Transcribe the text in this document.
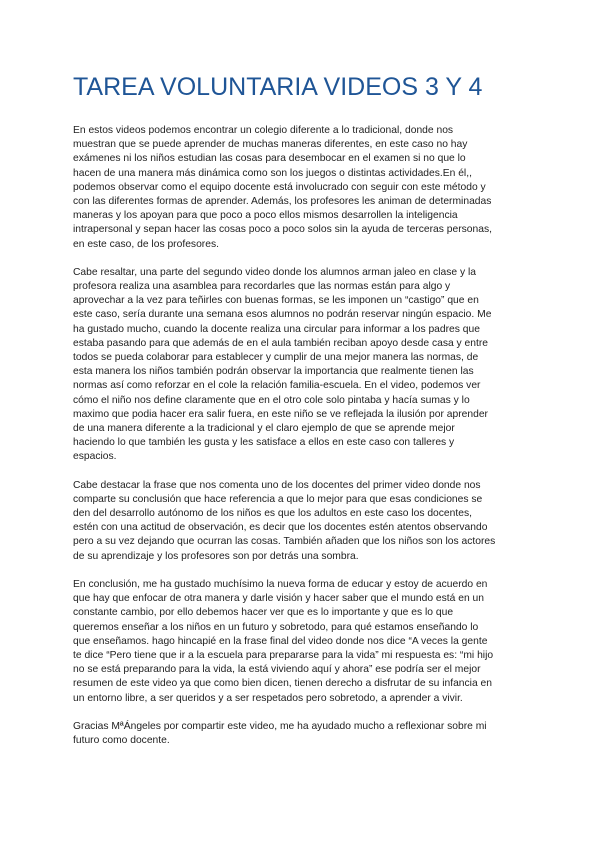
TAREA VOLUNTARIA VIDEOS 3 Y 4

En estos videos podemos encontrar un colegio diferente a lo tradicional, donde nos
muestran que se puede aprender de muchas maneras diferentes, en este caso no hay
exámenes ni los niños estudian las cosas para desembocar en el examen si no que lo
hacen de una manera más dinámica como son los juegos o distintas actividades.En él,,
podemos observar como el equipo docente está involucrado con seguir con este método y
con las diferentes formas de aprender. Además, los profesores les animan de determinadas
maneras y los apoyan para que poco a poco ellos mismos desarrollen la inteligencia
intrapersonal y sepan hacer las cosas poco a poco solos sin la ayuda de terceras personas,
en este caso, de los profesores.

Cabe resaltar, una parte del segundo video donde los alumnos arman jaleo en clase y la
profesora realiza una asamblea para recordarles que las normas están para algo y
aprovechar a la vez para teñirles con buenas formas, se les imponen un “castigo” que en
este caso, sería durante una semana esos alumnos no podrán reservar ningún espacio. Me
ha gustado mucho, cuando la docente realiza una circular para informar a los padres que
estaba pasando para que además de en el aula también reciban apoyo desde casa y entre
todos se pueda colaborar para establecer y cumplir de una mejor manera las normas, de
esta manera los niños también podrán observar la importancia que realmente tienen las
normas así como reforzar en el cole la relación familia-escuela. En el video, podemos ver
cómo el niño nos define claramente que en el otro cole solo pintaba y hacía sumas y lo
maximo que podia hacer era salir fuera, en este niño se ve reflejada la ilusión por aprender
de una manera diferente a la tradicional y el claro ejemplo de que se aprende mejor
haciendo lo que también les gusta y les satisface a ellos en este caso con talleres y
espacios.

Cabe destacar la frase que nos comenta uno de los docentes del primer video donde nos
comparte su conclusión que hace referencia a que lo mejor para que esas condiciones se
den del desarrollo autónomo de los niños es que los adultos en este caso los docentes,
estén con una actitud de observación, es decir que los docentes estén atentos observando
pero a su vez dejando que ocurran las cosas. También añaden que los niños son los actores
de su aprendizaje y los profesores son por detrás una sombra.

En conclusión, me ha gustado muchísimo la nueva forma de educar y estoy de acuerdo en
que hay que enfocar de otra manera y darle visión y hacer saber que el mundo está en un
constante cambio, por ello debemos hacer ver que es lo importante y que es lo que
queremos enseñar a los niños en un futuro y sobretodo, para qué estamos enseñando lo
que enseñamos. hago hincapié en la frase final del video donde nos dice “A veces la gente
te dice “Pero tiene que ir a la escuela para prepararse para la vida” mi respuesta es: “mi hijo
no se está preparando para la vida, la está viviendo aquí y ahora” ese podría ser el mejor
resumen de este video ya que como bien dicen, tienen derecho a disfrutar de su infancia en
un entorno libre, a ser queridos y a ser respetados pero sobretodo, a aprender a vivir.

Gracias MªÁngeles por compartir este video, me ha ayudado mucho a reflexionar sobre mi
futuro como docente.
